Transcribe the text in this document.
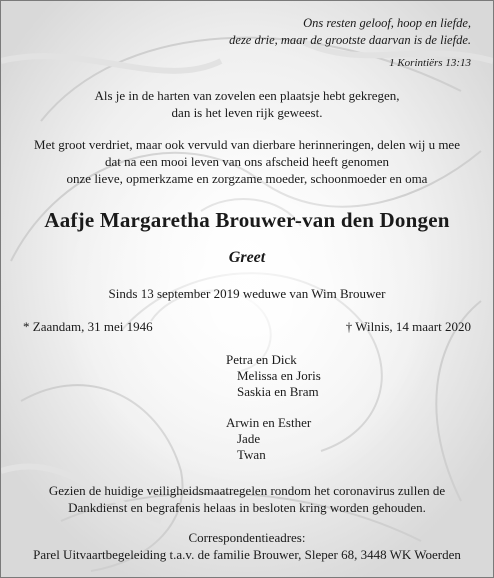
Ons resten geloof, hoop en liefde,
deze drie, maar de grootste daarvan is de liefde.
1 Korintiërs 13:13
Als je in de harten van zovelen een plaatsje hebt gekregen,
dan is het leven rijk geweest.
Met groot verdriet, maar ook vervuld van dierbare herinneringen, delen wij u mee
dat na een mooi leven van ons afscheid heeft genomen
onze lieve, opmerkzame en zorgzame moeder, schoonmoeder en oma
Aafje Margaretha Brouwer-van den Dongen
Greet
Sinds 13 september 2019 weduwe van Wim Brouwer
* Zaandam, 31 mei 1946	† Wilnis, 14 maart 2020
Petra en Dick
Melissa en Joris
Saskia en Bram
Arwin en Esther
Jade
Twan
Gezien de huidige veiligheidsmaatregelen rondom het coronavirus zullen de
Dankdienst en begrafenis helaas in besloten kring worden gehouden.
Correspondentieadres:
Parel Uitvaartbegeleiding t.a.v. de familie Brouwer, Sleper 68, 3448 WK Woerden
